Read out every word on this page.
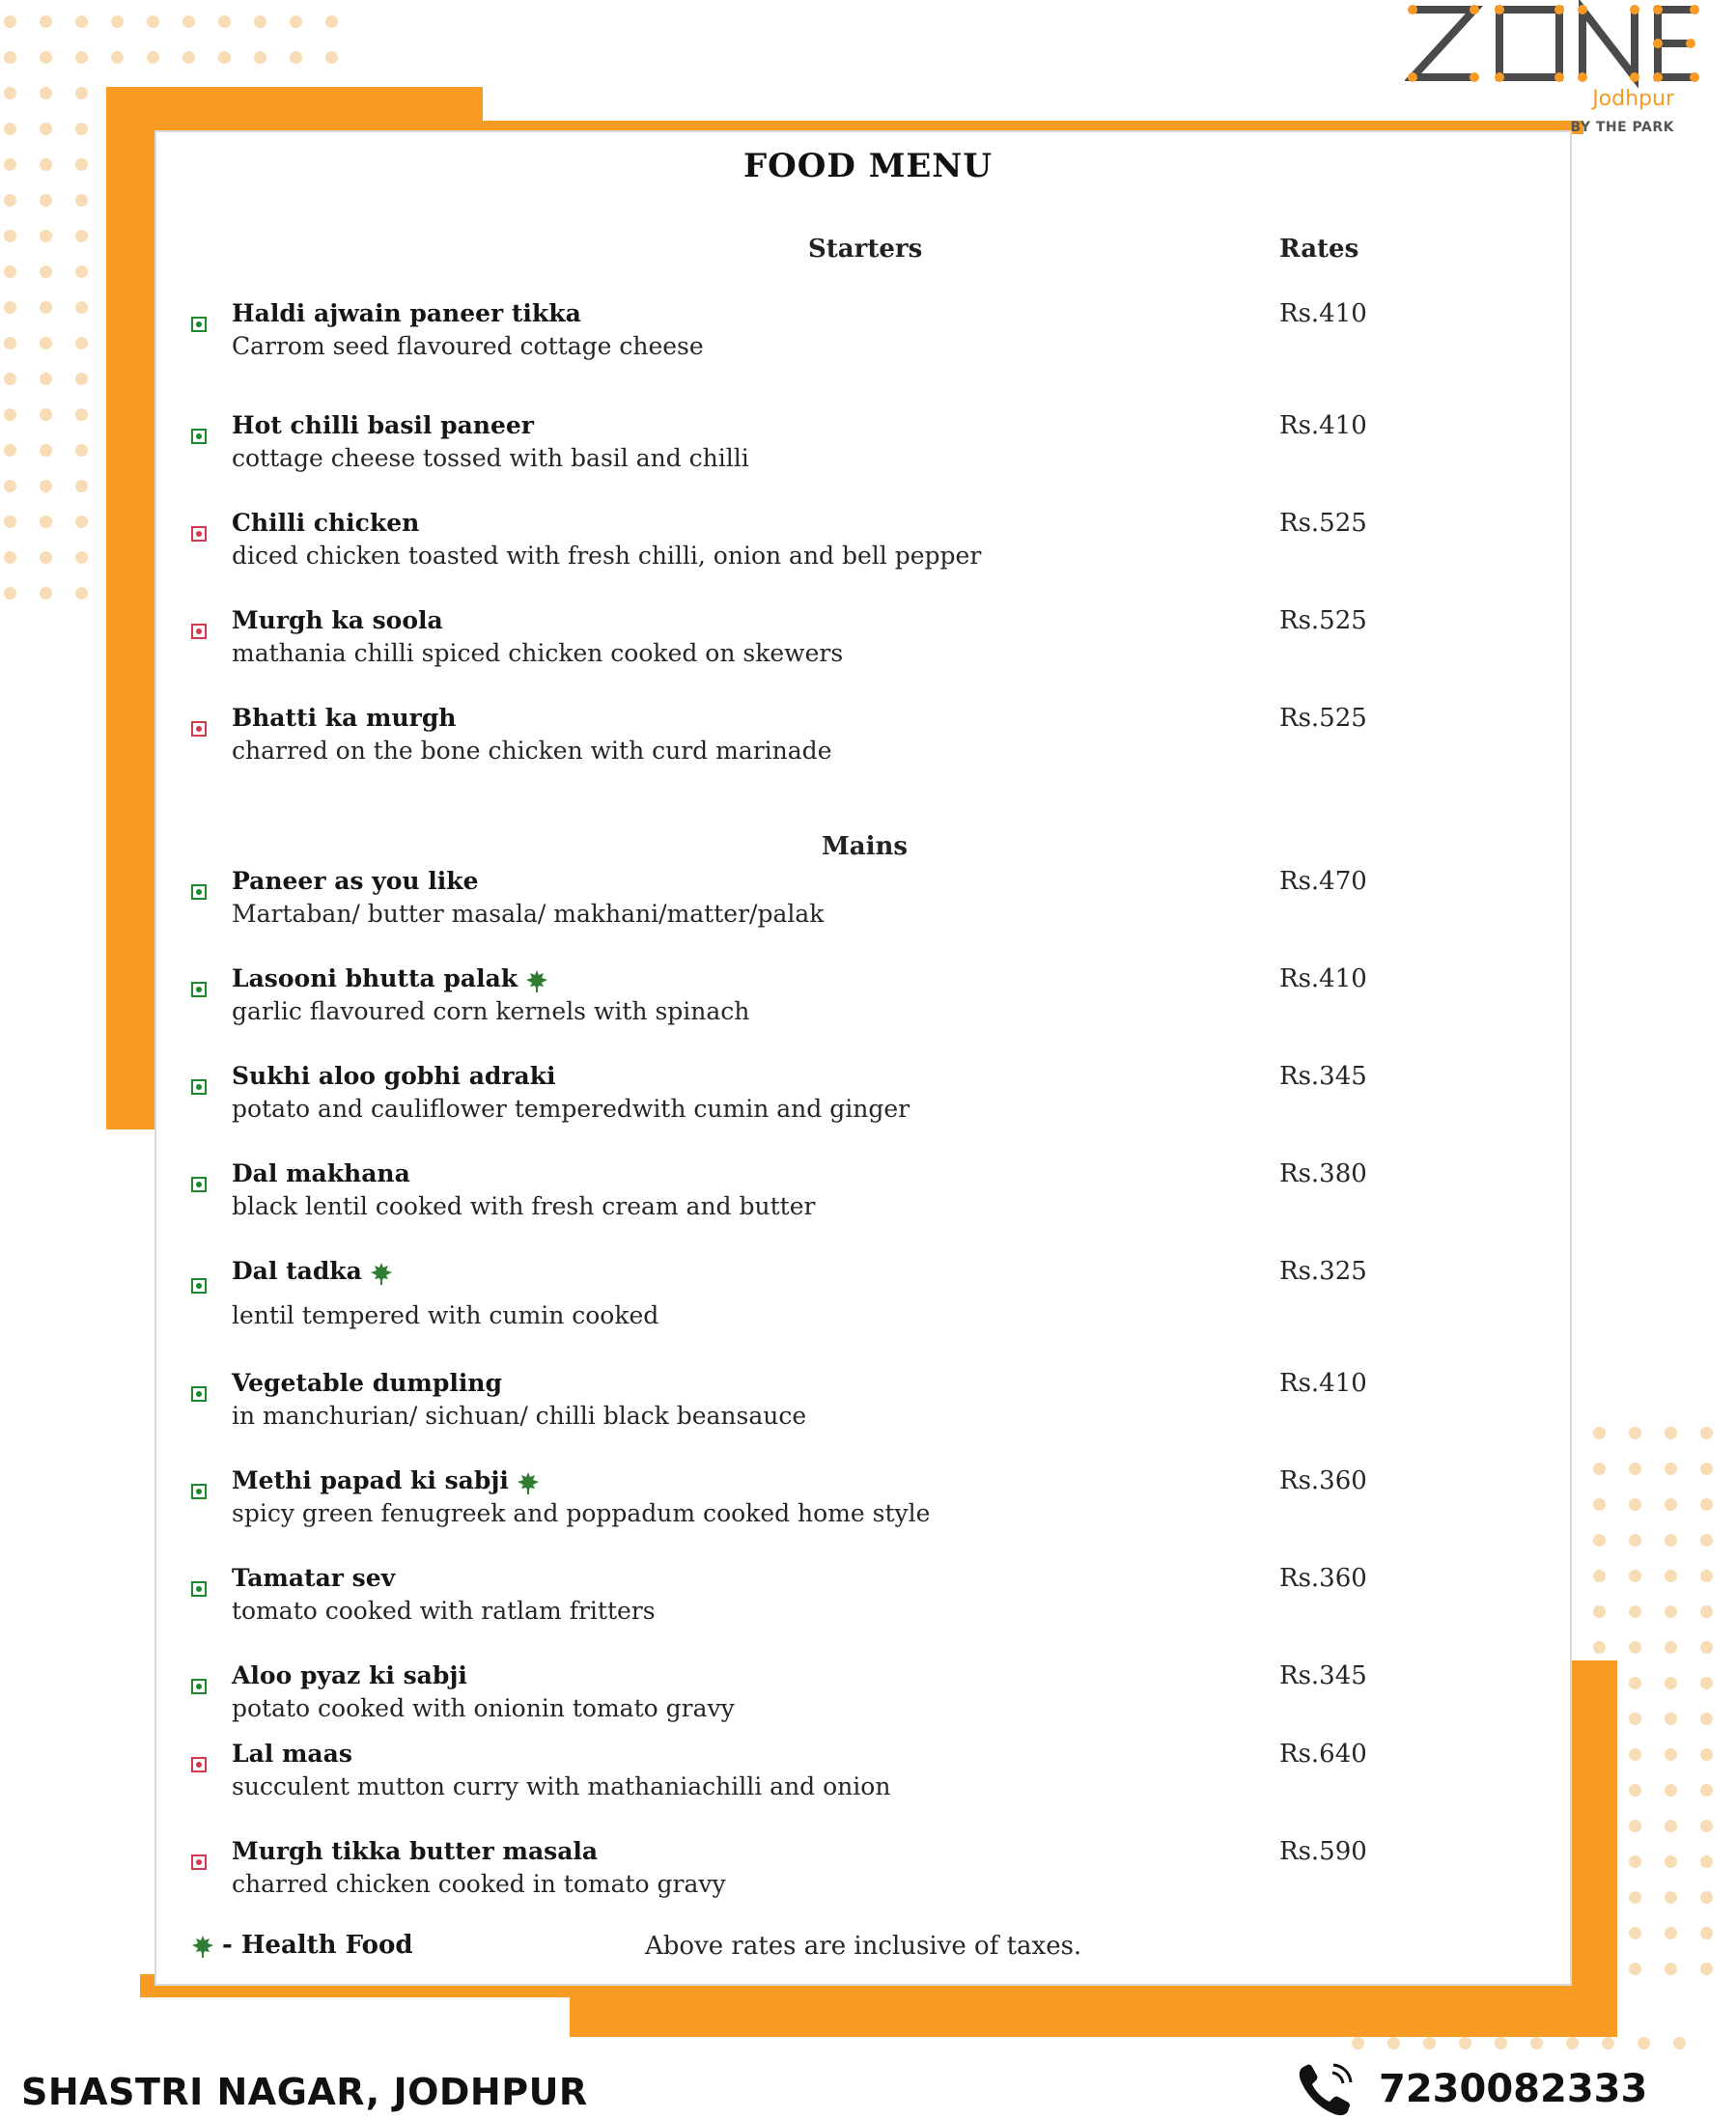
Jodhpur
BY THE PARK
FOOD MENU
Starters	Rates
Mains
Haldi ajwain paneer tikka
Carrom seed flavoured cottage cheese
Rs.410
Hot chilli basil paneer
cottage cheese tossed with basil and chilli
Rs.410
Chilli chicken
diced chicken toasted with fresh chilli, onion and bell pepper
Rs.525
Murgh ka soola
mathania chilli spiced chicken cooked on skewers
Rs.525
Bhatti ka murgh
charred on the bone chicken with curd marinade
Rs.525
Paneer as you like
Martaban/ butter masala/ makhani/matter/palak
Rs.470
Lasooni bhutta palak
garlic flavoured corn kernels with spinach
Rs.410
Sukhi aloo gobhi adraki
potato and cauliflower temperedwith cumin and ginger
Rs.345
Dal makhana
black lentil cooked with fresh cream and butter
Rs.380
Dal tadka
lentil tempered with cumin cooked
Rs.325
Vegetable dumpling
in manchurian/ sichuan/ chilli black beansauce
Rs.410
Methi papad ki sabji
spicy green fenugreek and poppadum cooked home style
Rs.360
Tamatar sev
tomato cooked with ratlam fritters
Rs.360
Aloo pyaz ki sabji
potato cooked with onionin tomato gravy
Rs.345
Lal maas
succulent mutton curry with mathaniachilli and onion
Rs.640
Murgh tikka butter masala
charred chicken cooked in tomato gravy
Rs.590
- Health Food	Above rates are inclusive of taxes.
SHASTRI NAGAR, JODHPUR	7230082333
